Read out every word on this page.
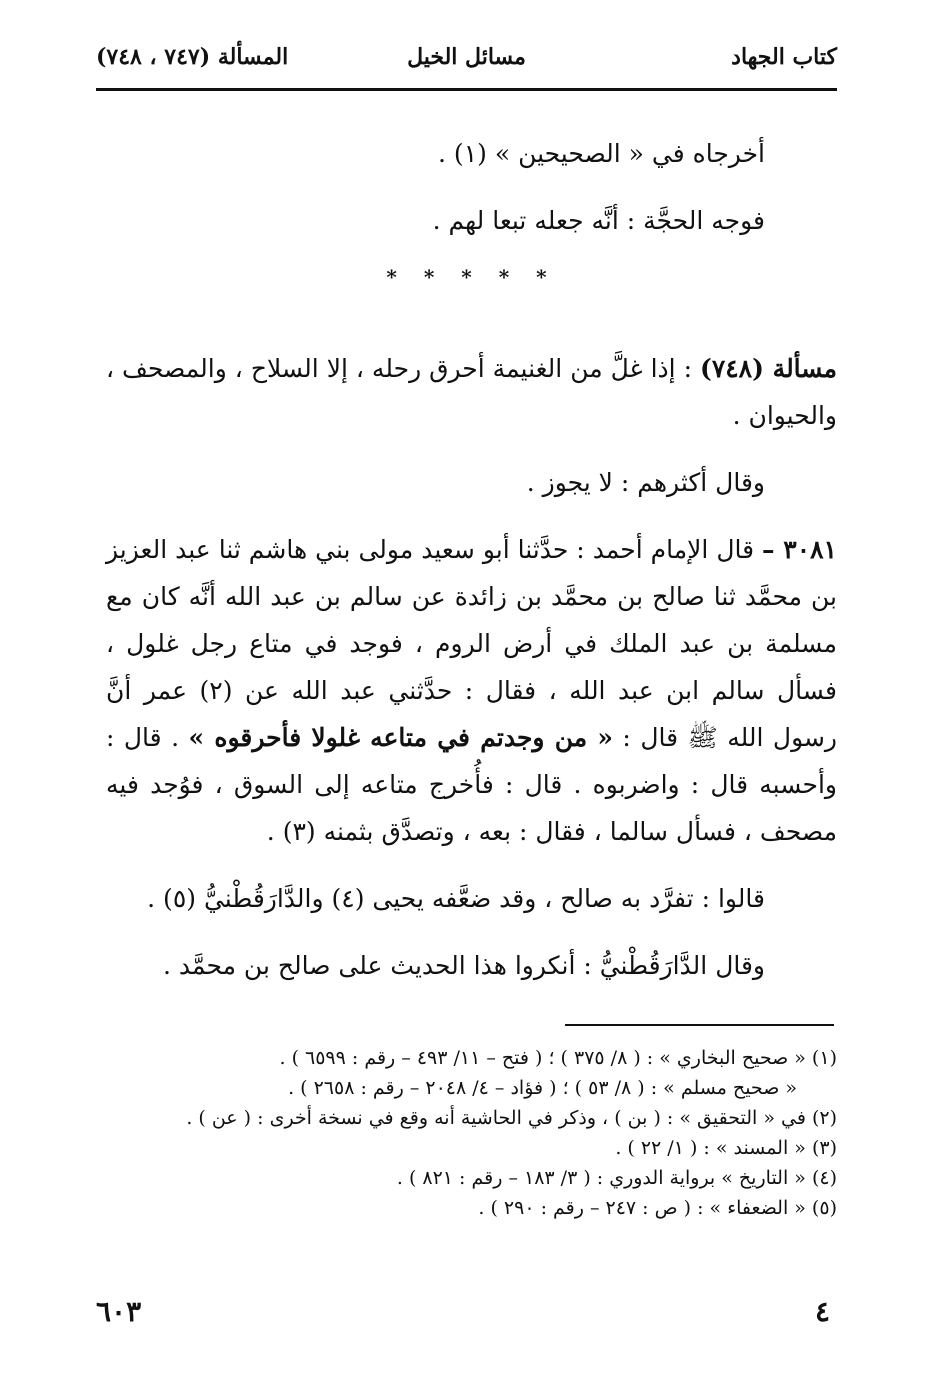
كتاب الجهاد
مسائل الخيل
المسألة (٧٤٧ ، ٧٤٨)

أخرجاه في « الصحيحين » (١) .

فوجه الحجَّة : أنَّه جعله تبعا لهم .

* * * * *

مسألة (٧٤٨) : إذا غلَّ من الغنيمة أحرق رحله ، إلا السلاح ، والمصحف ، والحيوان .

وقال أكثرهم : لا يجوز .

٣٠٨١ – قال الإمام أحمد : حدَّثنا أبو سعيد مولى بني هاشم ثنا عبد العزيز بن محمَّد ثنا صالح بن محمَّد بن زائدة عن سالم بن عبد الله أنَّه كان مع مسلمة بن عبد الملك في أرض الروم ، فوجد في متاع رجل غلول ، فسأل سالم ابن عبد الله ، فقال : حدَّثني عبد الله عن (٢) عمر أنَّ رسول الله ﷺ قال : « من وجدتم في متاعه غلولا فأحرقوه » . قال : وأحسبه قال : واضربوه . قال : فأُخرج متاعه إلى السوق ، فوُجد فيه مصحف ، فسأل سالما ، فقال : بعه ، وتصدَّق بثمنه (٣) .

قالوا : تفرَّد به صالح ، وقد ضعَّفه يحيى (٤) والدَّارَقُطْنيُّ (٥) .

وقال الدَّارَقُطْنيُّ : أنكروا هذا الحديث على صالح بن محمَّد .

(١) « صحيح البخاري » : ( ٨/ ٣٧٥ ) ؛ ( فتح – ١١/ ٤٩٣ – رقم : ٦٥٩٩ ) .

« صحيح مسلم » : ( ٨/ ٥٣ ) ؛ ( فؤاد – ٤/ ٢٠٤٨ – رقم : ٢٦٥٨ ) .

(٢) في « التحقيق » : ( بن ) ، وذكر في الحاشية أنه وقع في نسخة أخرى : ( عن ) .

(٣) « المسند » : ( ١/ ٢٢ ) .

(٤) « التاريخ » برواية الدوري : ( ٣/ ١٨٣ – رقم : ٨٢١ ) .

(٥) « الضعفاء » : ( ص : ٢٤٧ – رقم : ٢٩٠ ) .

٤
٦٠٣
